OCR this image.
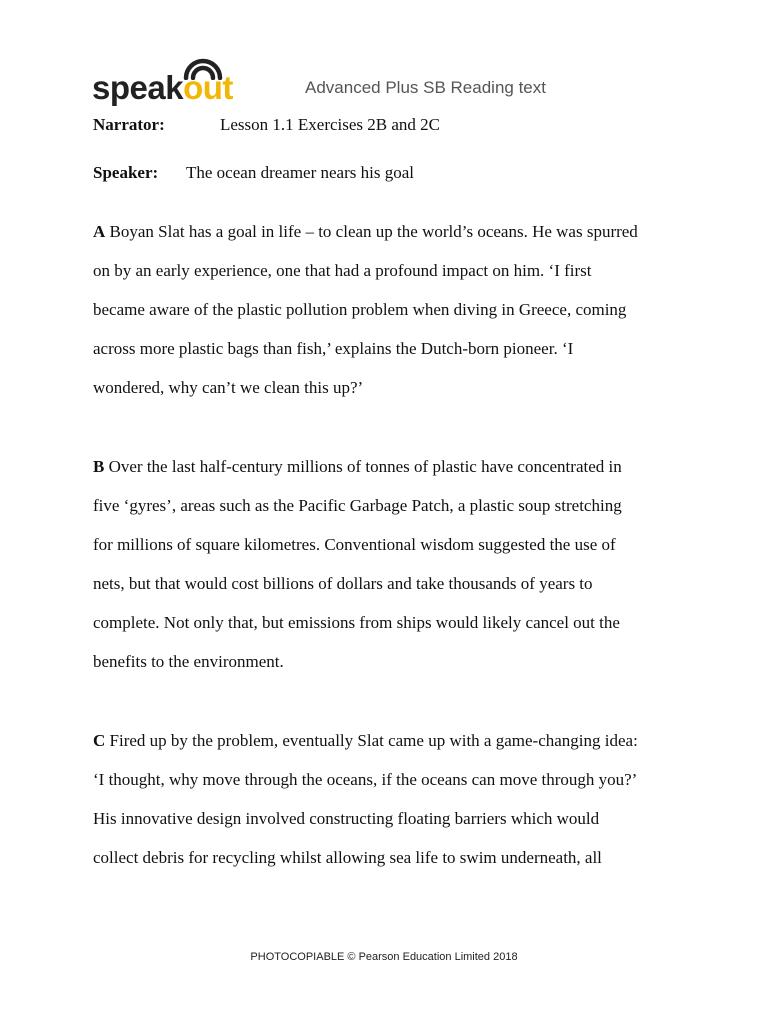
speakout	Advanced Plus SB Reading text
Narrator:	Lesson 1.1 Exercises 2B and 2C
Speaker: The ocean dreamer nears his goal
A Boyan Slat has a goal in life – to clean up the world’s oceans. He was spurred
on by an early experience, one that had a profound impact on him. ‘I first
became aware of the plastic pollution problem when diving in Greece, coming
across more plastic bags than fish,’ explains the Dutch-born pioneer. ‘I
wondered, why can’t we clean this up?’
B Over the last half-century millions of tonnes of plastic have concentrated in
five ‘gyres’, areas such as the Pacific Garbage Patch, a plastic soup stretching
for millions of square kilometres. Conventional wisdom suggested the use of
nets, but that would cost billions of dollars and take thousands of years to
complete. Not only that, but emissions from ships would likely cancel out the
benefits to the environment.
C Fired up by the problem, eventually Slat came up with a game-changing idea:
‘I thought, why move through the oceans, if the oceans can move through you?’
His innovative design involved constructing floating barriers which would
collect debris for recycling whilst allowing sea life to swim underneath, all
PHOTOCOPIABLE © Pearson Education Limited 2018
